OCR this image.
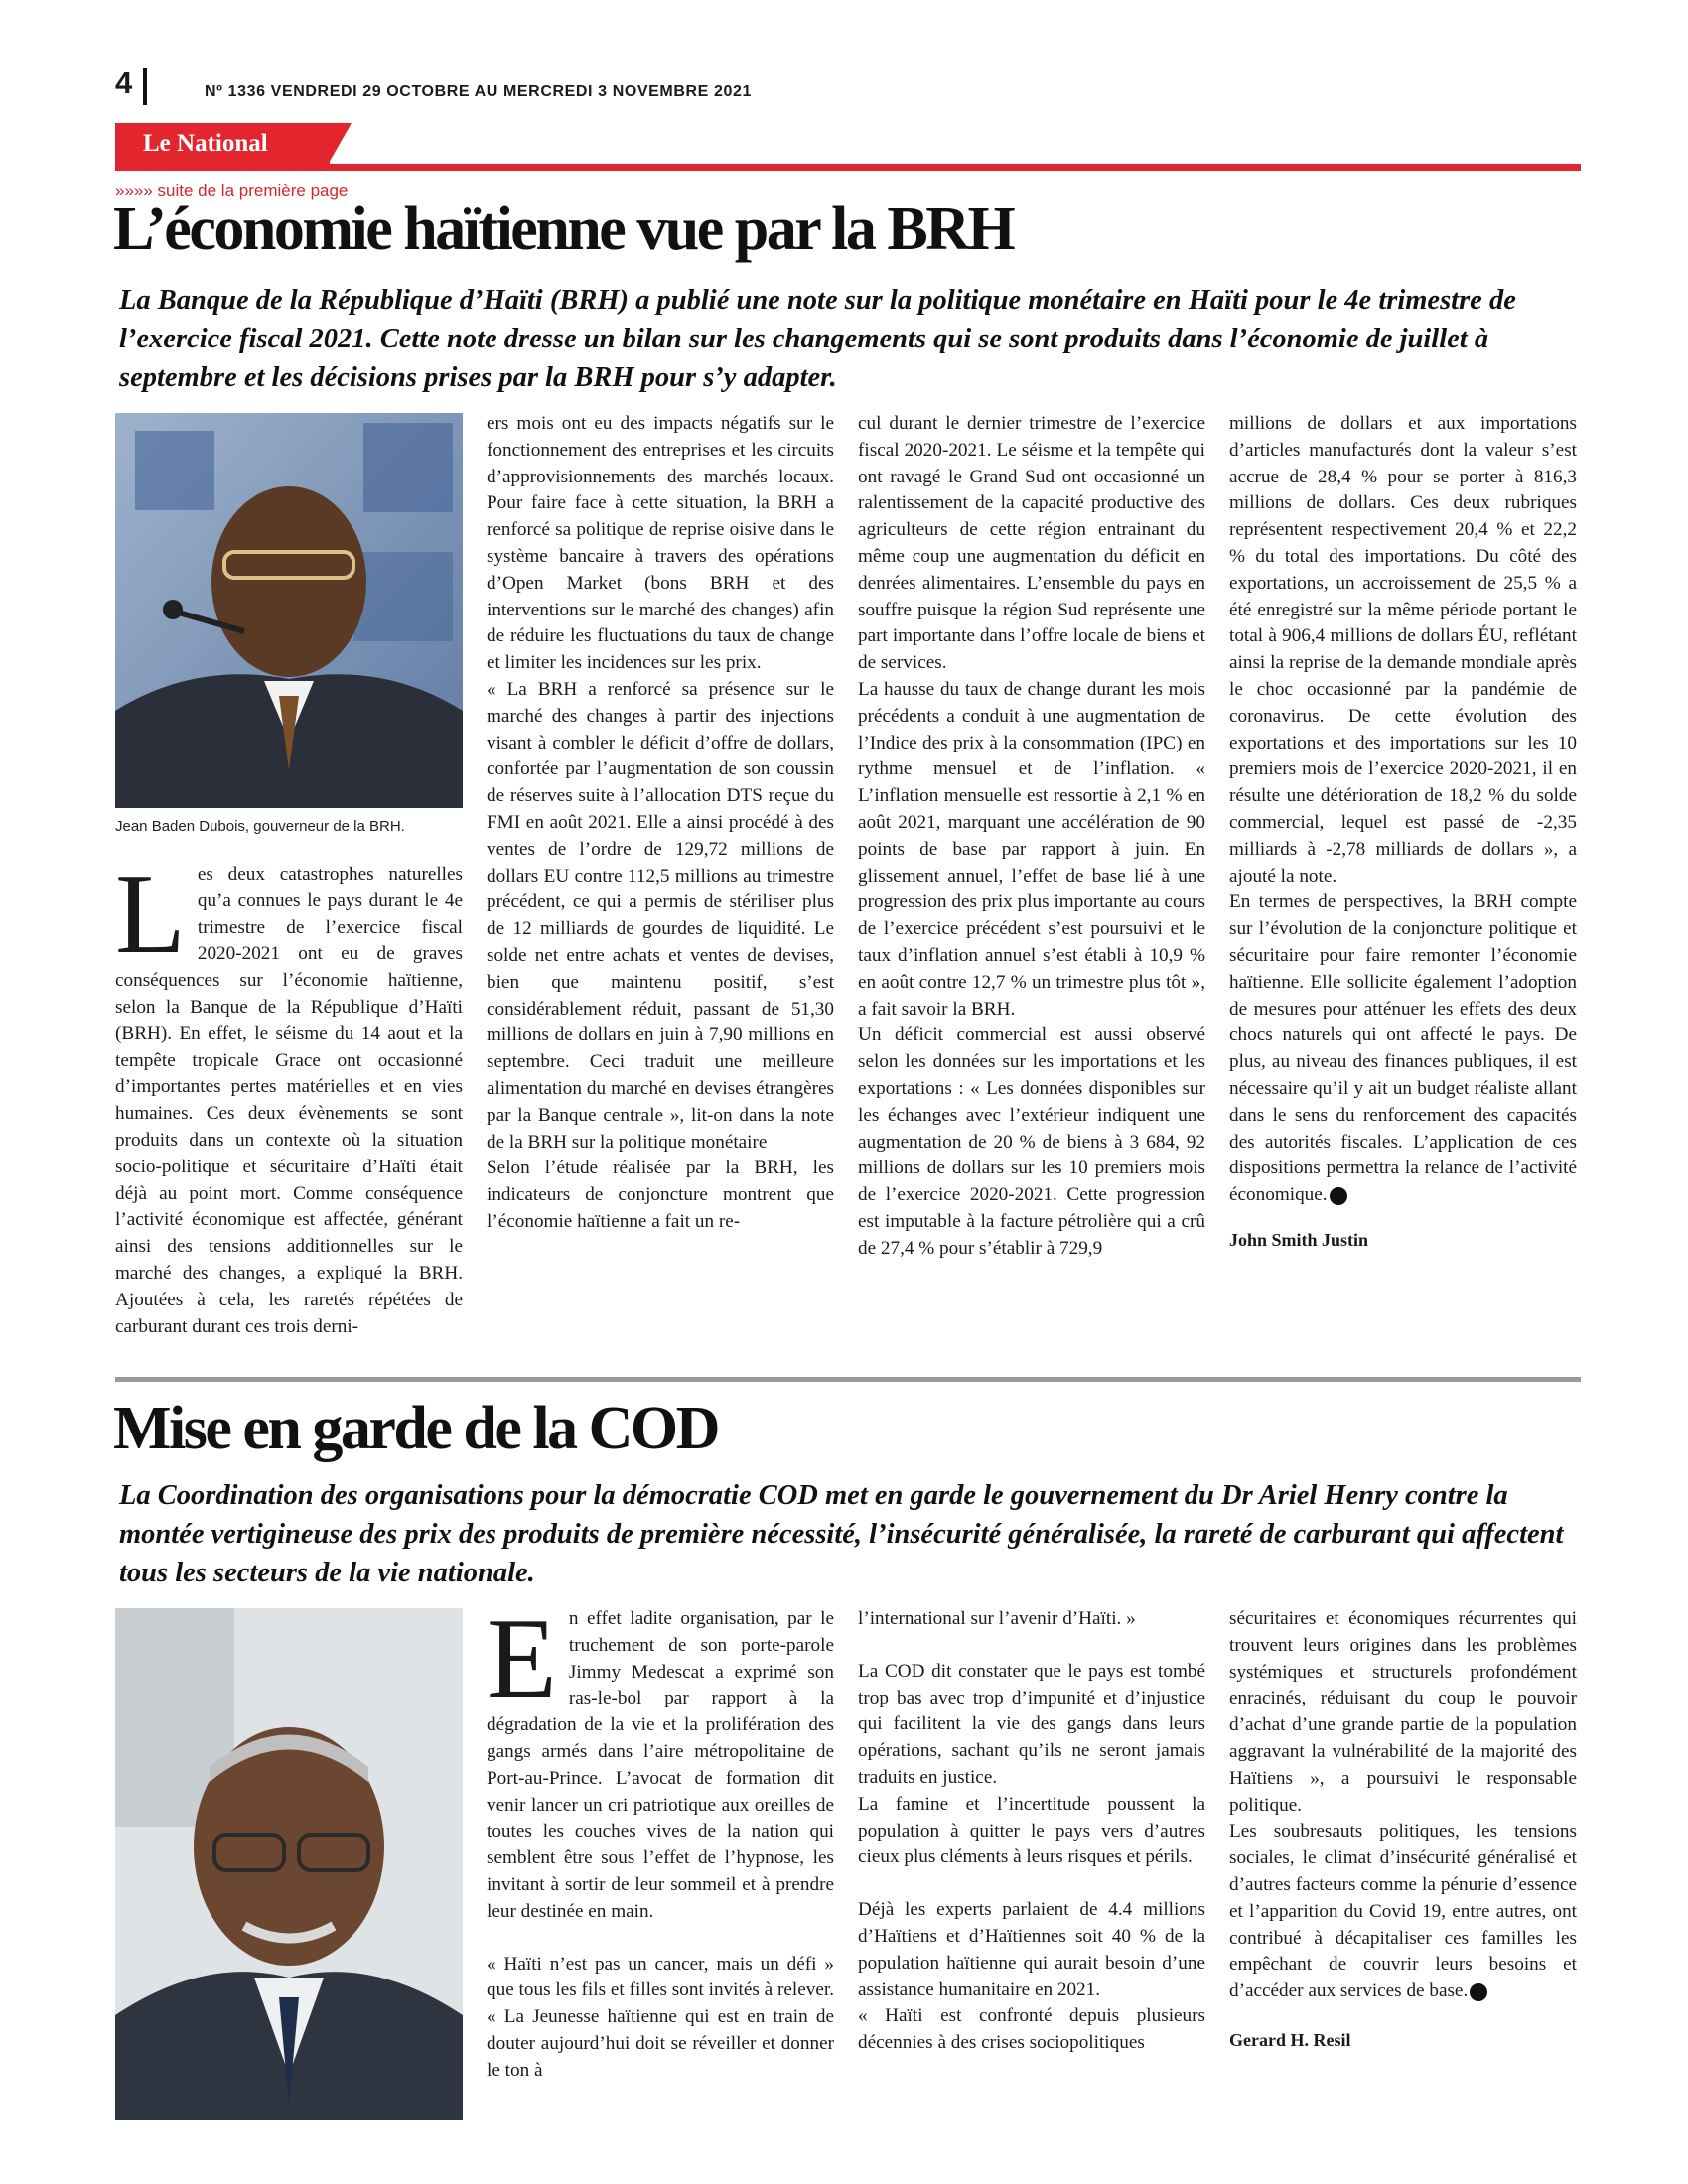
4	Nº 1336 VENDREDI 29 OCTOBRE AU MERCREDI 3 NOVEMBRE 2021
Le National
»»»» suite de la première page
L’économie haïtienne vue par la BRH
La Banque de la République d’Haïti (BRH) a publié une note sur la politique monétaire en Haïti pour le 4e trimestre de l’exercice fiscal 2021. Cette note dresse un bilan sur les changements qui se sont produits dans l’économie de juillet à septembre et les décisions prises par la BRH pour s’y adapter.
Jean Baden Dubois, gouverneur de la BRH.
L es deux catastrophes naturelles qu’a connues le pays durant le 4e trimestre de l’exercice fiscal 2020-2021 ont eu de graves conséquences sur l’économie haïtienne, selon la Banque de la République d’Haïti (BRH). En effet, le séisme du 14 aout et la tempête tropicale Grace ont occasionné d’importantes pertes matérielles et en vies humaines. Ces deux évènements se sont produits dans un contexte où la situation socio-politique et sécuritaire d’Haïti était déjà au point mort. Comme conséquence l’activité économique est affectée, générant ainsi des tensions additionnelles sur le marché des changes, a expliqué la BRH. Ajoutées à cela, les raretés répétées de carburant durant ces trois derni-

ers mois ont eu des impacts négatifs sur le fonctionnement des entreprises et les circuits d’approvisionnements des marchés locaux. Pour faire face à cette situation, la BRH a renforcé sa politique de reprise oisive dans le système bancaire à travers des opérations d’Open Market (bons BRH et des interventions sur le marché des changes) afin de réduire les fluctuations du taux de change et limiter les incidences sur les prix.

« La BRH a renforcé sa présence sur le marché des changes à partir des injections visant à combler le déficit d’offre de dollars, confortée par l’augmentation de son coussin de réserves suite à l’allocation DTS reçue du FMI en août 2021. Elle a ainsi procédé à des ventes de l’ordre de 129,72 millions de dollars EU contre 112,5 millions au trimestre précédent, ce qui a permis de stériliser plus de 12 milliards de gourdes de liquidité. Le solde net entre achats et ventes de devises, bien que maintenu positif, s’est considérablement réduit, passant de 51,30 millions de dollars en juin à 7,90 millions en septembre. Ceci traduit une meilleure alimentation du marché en devises étrangères par la Banque centrale », lit-on dans la note de la BRH sur la politique monétaire

Selon l’étude réalisée par la BRH, les indicateurs de conjoncture montrent que l’économie haïtienne a fait un re-

cul durant le dernier trimestre de l’exercice fiscal 2020-2021. Le séisme et la tempête qui ont ravagé le Grand Sud ont occasionné un ralentissement de la capacité productive des agriculteurs de cette région entrainant du même coup une augmentation du déficit en denrées alimentaires. L’ensemble du pays en souffre puisque la région Sud représente une part importante dans l’offre locale de biens et de services.

La hausse du taux de change durant les mois précédents a conduit à une augmentation de l’Indice des prix à la consommation (IPC) en rythme mensuel et de l’inflation. « L’inflation mensuelle est ressortie à 2,1 % en août 2021, marquant une accélération de 90 points de base par rapport à juin. En glissement annuel, l’effet de base lié à une progression des prix plus importante au cours de l’exercice précédent s’est poursuivi et le taux d’inflation annuel s’est établi à 10,9 % en août contre 12,7 % un trimestre plus tôt », a fait savoir la BRH.

Un déficit commercial est aussi observé selon les données sur les importations et les exportations : « Les données disponibles sur les échanges avec l’extérieur indiquent une augmentation de 20 % de biens à 3 684, 92 millions de dollars sur les 10 premiers mois de l’exercice 2020-2021. Cette progression est imputable à la facture pétrolière qui a crû de 27,4 % pour s’établir à 729,9

millions de dollars et aux importations d’articles manufacturés dont la valeur s’est accrue de 28,4 % pour se porter à 816,3 millions de dollars. Ces deux rubriques représentent respectivement 20,4 % et 22,2 % du total des importations. Du côté des exportations, un accroissement de 25,5 % a été enregistré sur la même période portant le total à 906,4 millions de dollars ÉU, reflétant ainsi la reprise de la demande mondiale après le choc occasionné par la pandémie de coronavirus. De cette évolution des exportations et des importations sur les 10 premiers mois de l’exercice 2020-2021, il en résulte une détérioration de 18,2 % du solde commercial, lequel est passé de -2,35 milliards à -2,78 milliards de dollars », a ajouté la note.

En termes de perspectives, la BRH compte sur l’évolution de la conjoncture politique et sécuritaire pour faire remonter l’économie haïtienne. Elle sollicite également l’adoption de mesures pour atténuer les effets des deux chocs naturels qui ont affecté le pays. De plus, au niveau des finances publiques, il est nécessaire qu’il y ait un budget réaliste allant dans le sens du renforcement des capacités des autorités fiscales. L’application de ces dispositions permettra la relance de l’activité économique.

John Smith Justin

Mise en garde de la COD
La Coordination des organisations pour la démocratie COD met en garde le gouvernement du Dr Ariel Henry contre la montée vertigineuse des prix des produits de première nécessité, l’insécurité généralisée, la rareté de carburant qui affectent tous les secteurs de la vie nationale.
E n effet ladite organisation, par le truchement de son porte-parole Jimmy Medescat a exprimé son ras-le-bol par rapport à la dégradation de la vie et la prolifération des gangs armés dans l’aire métropolitaine de Port-au-Prince. L’avocat de formation dit venir lancer un cri patriotique aux oreilles de toutes les couches vives de la nation qui semblent être sous l’effet de l’hypnose, les invitant à sortir de leur sommeil et à prendre leur destinée en main.

« Haïti n’est pas un cancer, mais un défi » que tous les fils et filles sont invités à relever. « La Jeunesse haïtienne qui est en train de douter aujourd’hui doit se réveiller et donner le ton à

l’international sur l’avenir d’Haïti. »

La COD dit constater que le pays est tombé trop bas avec trop d’impunité et d’injustice qui facilitent la vie des gangs dans leurs opérations, sachant qu’ils ne seront jamais traduits en justice.

La famine et l’incertitude poussent la population à quitter le pays vers d’autres cieux plus cléments à leurs risques et périls.

Déjà les experts parlaient de 4.4 millions d’Haïtiens et d’Haïtiennes soit 40 % de la population haïtienne qui aurait besoin d’une assistance humanitaire en 2021.

« Haïti est confronté depuis plusieurs décennies à des crises sociopolitiques

sécuritaires et économiques récurrentes qui trouvent leurs origines dans les problèmes systémiques et structurels profondément enracinés, réduisant du coup le pouvoir d’achat d’une grande partie de la population aggravant la vulnérabilité de la majorité des Haïtiens », a poursuivi le responsable politique.

Les soubresauts politiques, les tensions sociales, le climat d’insécurité généralisé et d’autres facteurs comme la pénurie d’essence et l’apparition du Covid 19, entre autres, ont contribué à décapitaliser ces familles les empêchant de couvrir leurs besoins et d’accéder aux services de base.

Gerard H. Resil
